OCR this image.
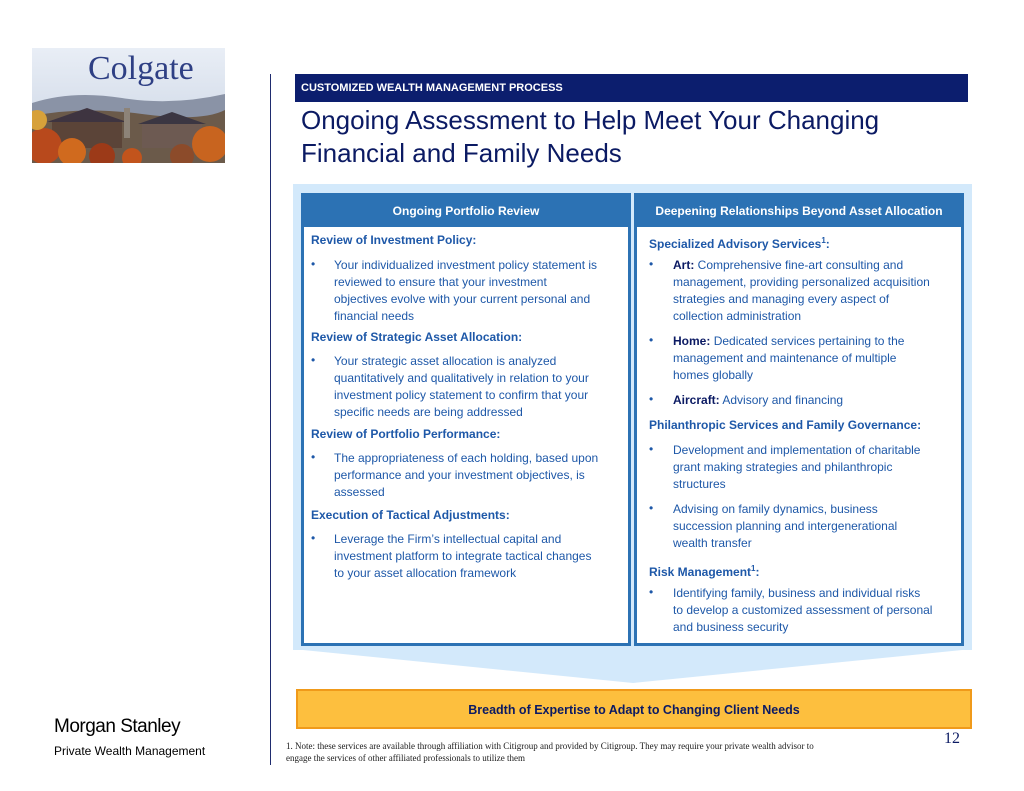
Colgate
CUSTOMIZED WEALTH MANAGEMENT PROCESS
Ongoing Assessment to Help Meet Your Changing
Financial and Family Needs
Ongoing Portfolio Review
Review of Investment Policy:
• Your individualized investment policy statement is
reviewed to ensure that your investment
objectives evolve with your current personal and
financial needs
Review of Strategic Asset Allocation:
• Your strategic asset allocation is analyzed
quantitatively and qualitatively in relation to your
investment policy statement to confirm that your
specific needs are being addressed
Review of Portfolio Performance:
• The appropriateness of each holding, based upon
performance and your investment objectives, is
assessed
Execution of Tactical Adjustments:
• Leverage the Firm’s intellectual capital and
investment platform to integrate tactical changes
to your asset allocation framework
Deepening Relationships Beyond Asset Allocation
Specialized Advisory Services$^1$:
• Art: Comprehensive fine-art consulting and
management, providing personalized acquisition
strategies and managing every aspect of
collection administration
• Home: Dedicated services pertaining to the
management and maintenance of multiple
homes globally
• Aircraft: Advisory and financing
Philanthropic Services and Family Governance:
• Development and implementation of charitable
grant making strategies and philanthropic
structures
• Advising on family dynamics, business
succession planning and intergenerational
wealth transfer
Risk Management$^1$:
• Identifying family, business and individual risks
to develop a customized assessment of personal
and business security
Breadth of Expertise to Adapt to Changing Client Needs
12
1. Note: these services are available through affiliation with Citigroup and provided by Citigroup. They may require your private wealth advisor to
engage the services of other affiliated professionals to utilize them
Morgan Stanley
Private Wealth Management
